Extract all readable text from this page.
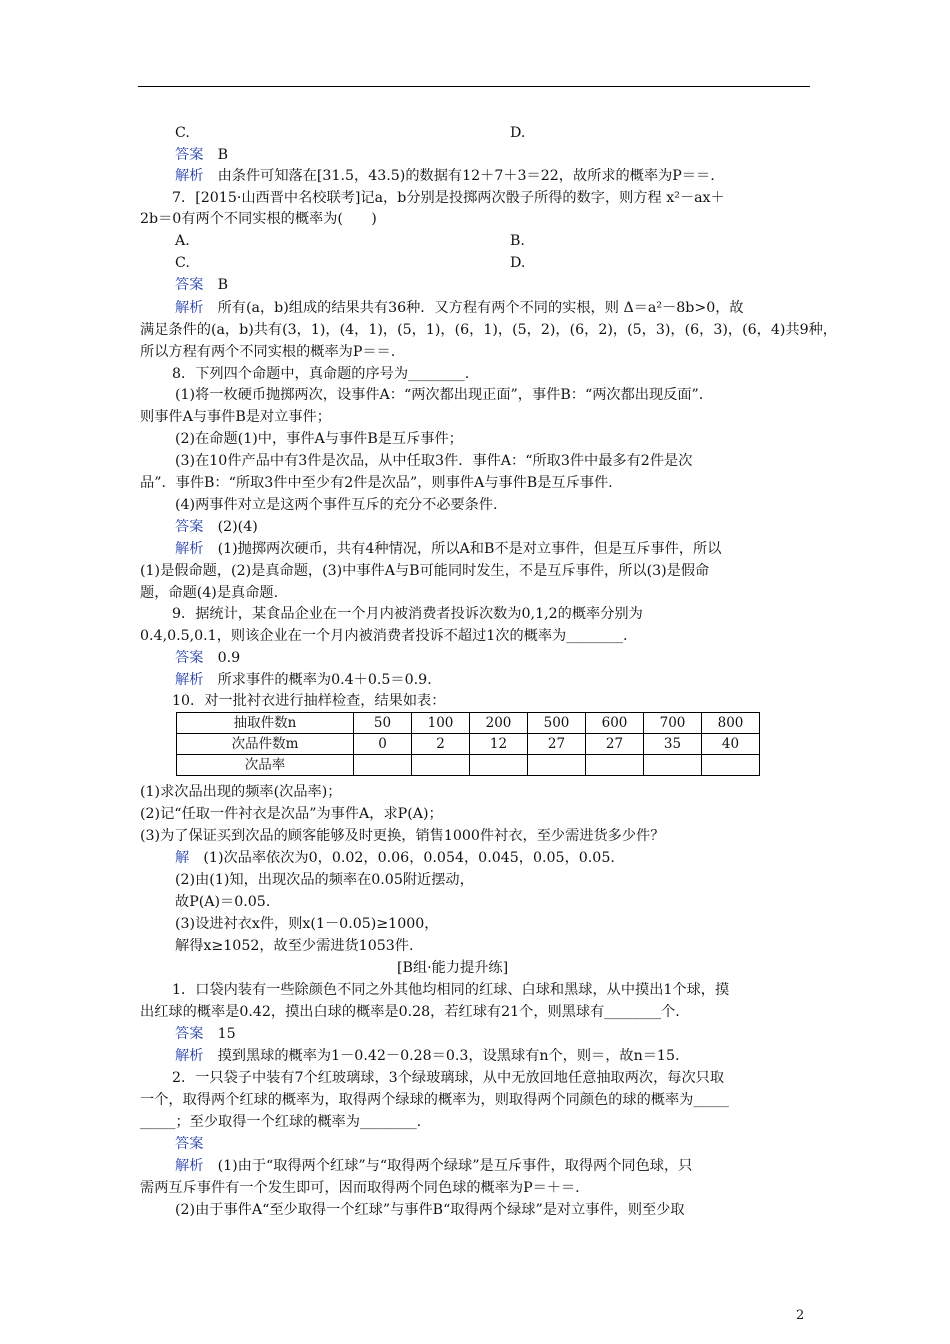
C.	D.
答案　B
解析　由条件可知落在[31.5，43.5)的数据有12＋7＋3＝22，故所求的概率为P＝＝.
7．[2015·山西晋中名校联考]记a，b分别是投掷两次骰子所得的数字，则方程 x²－ax＋
2b＝0有两个不同实根的概率为(　　)
A.	B.
C.	D.
答案　B
解析　所有(a，b)组成的结果共有36种．又方程有两个不同的实根，则 Δ＝a²－8b>0，故
满足条件的(a，b)共有(3，1)，(4，1)，(5，1)，(6，1)，(5，2)，(6，2)，(5，3)，(6，3)，(6，4)共9种，
所以方程有两个不同实根的概率为P＝＝.
8．下列四个命题中，真命题的序号为________.
(1)将一枚硬币抛掷两次，设事件A：“两次都出现正面”，事件B：“两次都出现反面”．
则事件A与事件B是对立事件；
(2)在命题(1)中，事件A与事件B是互斥事件；
(3)在10件产品中有3件是次品，从中任取3件．事件A：“所取3件中最多有2件是次
品”．事件B：“所取3件中至少有2件是次品”，则事件A与事件B是互斥事件.
(4)两事件对立是这两个事件互斥的充分不必要条件.
答案　(2)(4)
解析　(1)抛掷两次硬币，共有4种情况，所以A和B不是对立事件，但是互斥事件，所以
(1)是假命题，(2)是真命题，(3)中事件A与B可能同时发生，不是互斥事件，所以(3)是假命
题，命题(4)是真命题.
9．据统计，某食品企业在一个月内被消费者投诉次数为0,1,2的概率分别为
0.4,0.5,0.1，则该企业在一个月内被消费者投诉不超过1次的概率为________.
答案　0.9
解析　所求事件的概率为0.4＋0.5＝0.9.
10．对一批衬衣进行抽样检查，结果如表：
抽取件数n	50	100	200	500	600	700	800
次品件数m	0	2	12	27	27	35	40
次品率							
(1)求次品出现的频率(次品率)；
(2)记“任取一件衬衣是次品”为事件A，求P(A)；
(3)为了保证买到次品的顾客能够及时更换，销售1000件衬衣，至少需进货多少件？
解　(1)次品率依次为0，0.02，0.06，0.054，0.045，0.05，0.05.
(2)由(1)知，出现次品的频率在0.05附近摆动，
故P(A)＝0.05.
(3)设进衬衣x件，则x(1－0.05)≥1000，
解得x≥1052，故至少需进货1053件.
[B组·能力提升练]
1．口袋内装有一些除颜色不同之外其他均相同的红球、白球和黑球，从中摸出1个球，摸
出红球的概率是0.42，摸出白球的概率是0.28，若红球有21个，则黑球有________个.
答案　15
解析　摸到黑球的概率为1－0.42－0.28＝0.3，设黑球有n个，则＝，故n＝15.
2．一只袋子中装有7个红玻璃球，3个绿玻璃球，从中无放回地任意抽取两次，每次只取
一个，取得两个红球的概率为，取得两个绿球的概率为，则取得两个同颜色的球的概率为_____
_____；至少取得一个红球的概率为________.
答案
解析　(1)由于“取得两个红球”与“取得两个绿球”是互斥事件，取得两个同色球，只
需两互斥事件有一个发生即可，因而取得两个同色球的概率为P＝＋＝.
(2)由于事件A“至少取得一个红球”与事件B“取得两个绿球”是对立事件，则至少取
2
